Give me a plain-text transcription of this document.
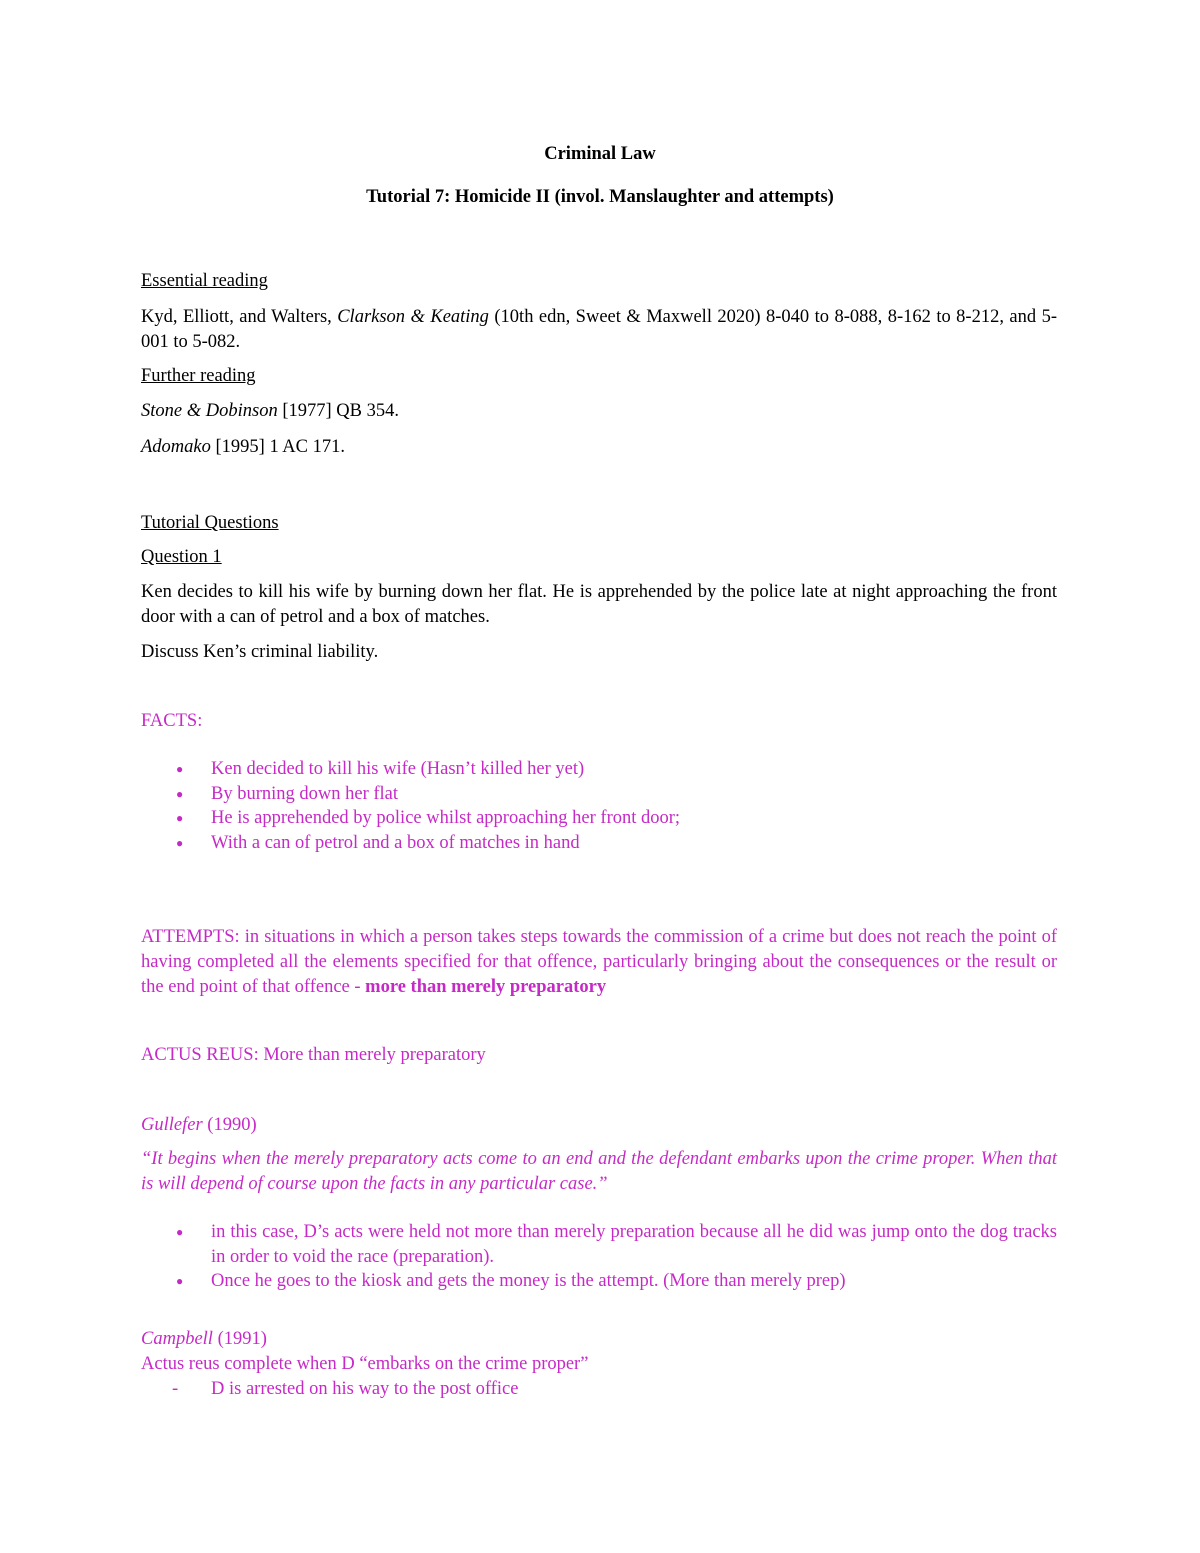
Criminal Law
Tutorial 7: Homicide II (invol. Manslaughter and attempts)
Essential reading
Kyd, Elliott, and Walters, Clarkson & Keating (10th edn, Sweet & Maxwell 2020) 8-040 to 8-088, 8-162 to 8-212, and 5-001 to 5-082.
Further reading
Stone & Dobinson [1977] QB 354.
Adomako [1995] 1 AC 171.
Tutorial Questions
Question 1
Ken decides to kill his wife by burning down her flat. He is apprehended by the police late at night approaching the front door with a can of petrol and a box of matches.
Discuss Ken’s criminal liability.
FACTS:
● Ken decided to kill his wife (Hasn’t killed her yet)
● By burning down her flat
● He is apprehended by police whilst approaching her front door;
● With a can of petrol and a box of matches in hand
ATTEMPTS: in situations in which a person takes steps towards the commission of a crime but does not reach the point of having completed all the elements specified for that offence, particularly bringing about the consequences or the result or the end point of that offence - more than merely preparatory
ACTUS REUS: More than merely preparatory
Gullefer (1990)
“It begins when the merely preparatory acts come to an end and the defendant embarks upon the crime proper. When that is will depend of course upon the facts in any particular case.”
● in this case, D’s acts were held not more than merely preparation because all he did was jump onto the dog tracks in order to void the race (preparation).
● Once he goes to the kiosk and gets the money is the attempt. (More than merely prep)
Campbell (1991)
Actus reus complete when D “embarks on the crime proper”
- D is arrested on his way to the post office
